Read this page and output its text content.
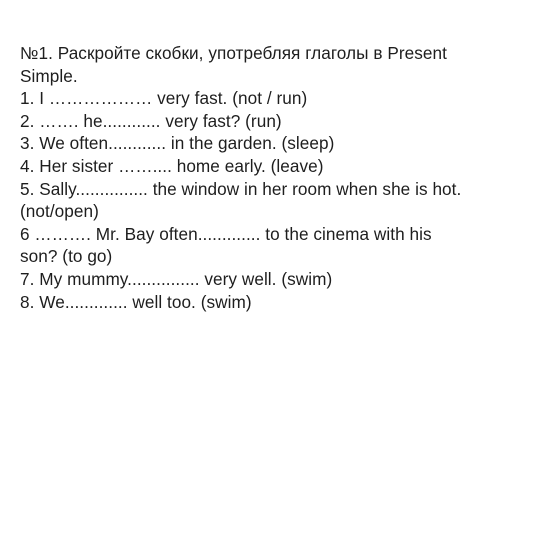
№1. Раскройте скобки, употребляя глаголы в Present
Simple.
1. I ……………… very fast. (not / run)
2. ……. he............ very fast? (run)
3. We often............ in the garden. (sleep)
4. Her sister …….... home early. (leave)
5. Sally............... the window in her room when she is hot.
(not/open)
6 ………. Mr. Bay often............. to the cinema with his
son? (to go)
7. My mummy............... very well. (swim)
8. We............. well too. (swim)
